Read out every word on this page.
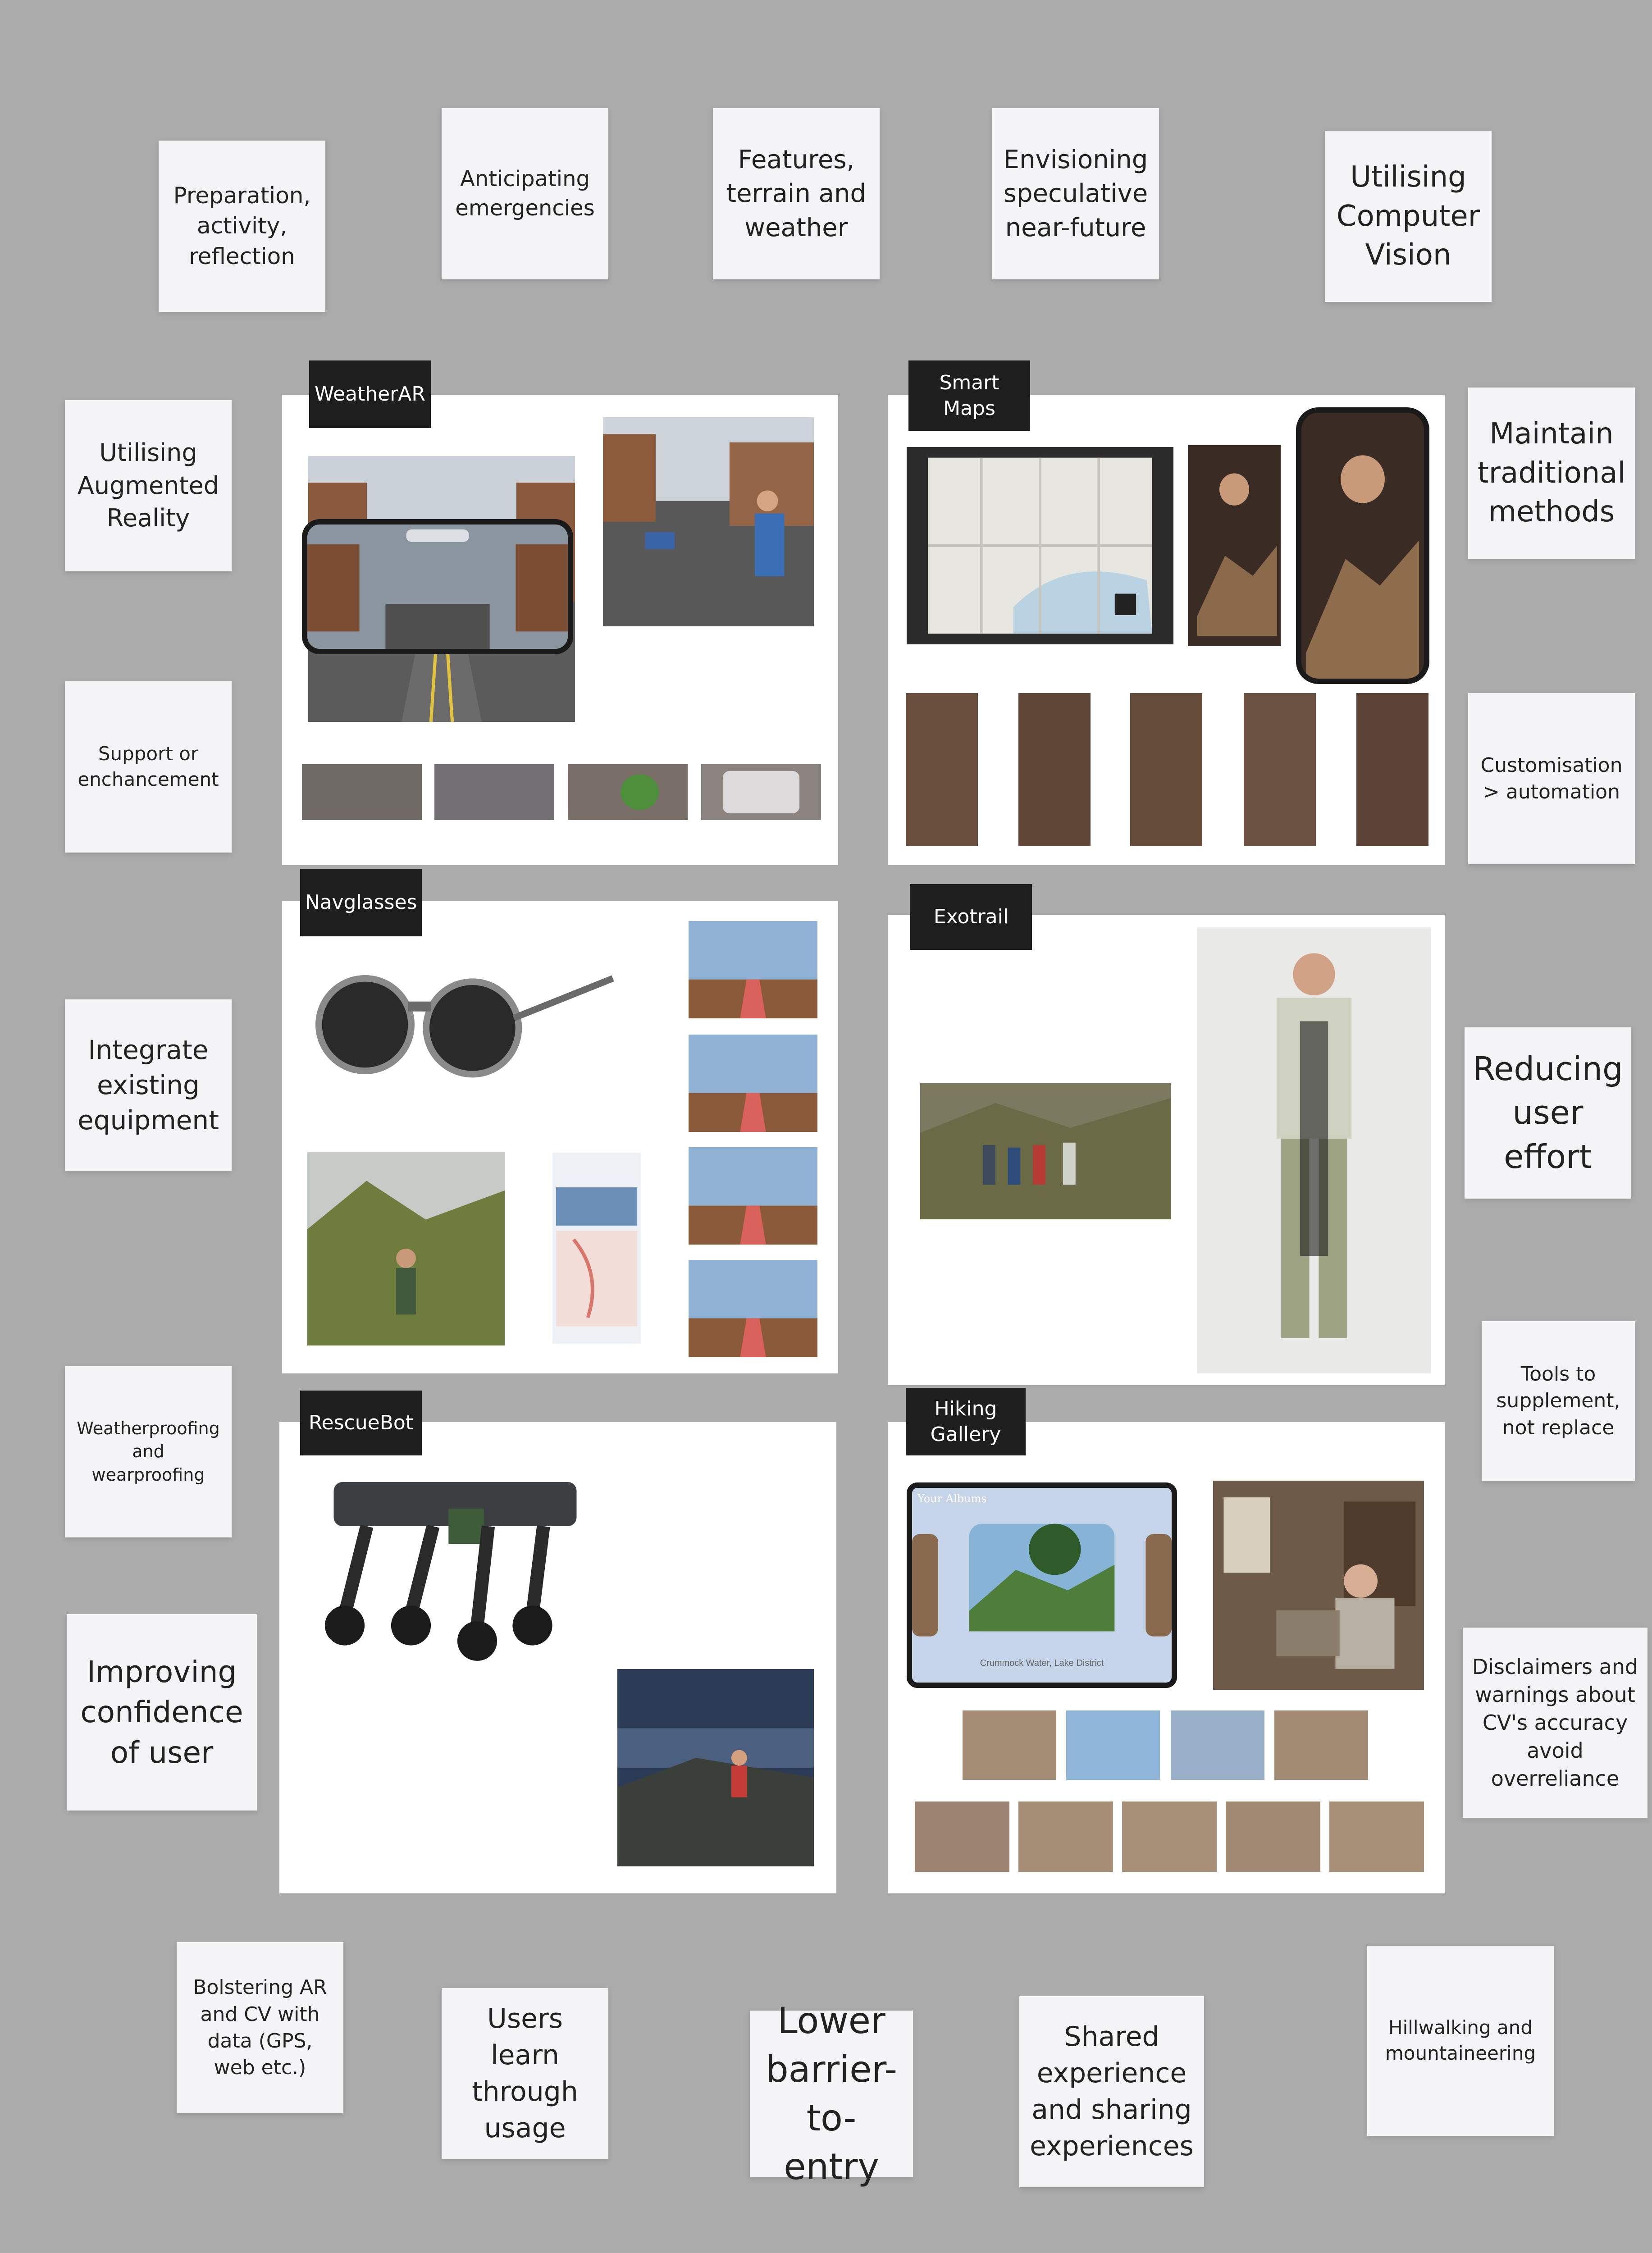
Preparation, activity, reflection
Anticipating emergencies
Features, terrain and weather
Envisioning speculative near-future
Utilising Computer Vision
Utilising Augmented Reality
Support or enchancement
Integrate existing equipment
Weatherproofing and wearproofing
Improving confidence of user
Maintain traditional methods
Customisation > automation
Reducing user effort
Tools to supplement, not replace
Disclaimers and warnings about CV's accuracy avoid overreliance
Bolstering AR and CV with data (GPS, web etc.)
Users learn through usage
Lower barrier-to-entry
Shared experience and sharing experiences
Hillwalking and mountaineering
WeatherAR
Smart Maps
Navglasses
Exotrail
RescueBot
Hiking Gallery
Your Albums
Crummock Water, Lake District
